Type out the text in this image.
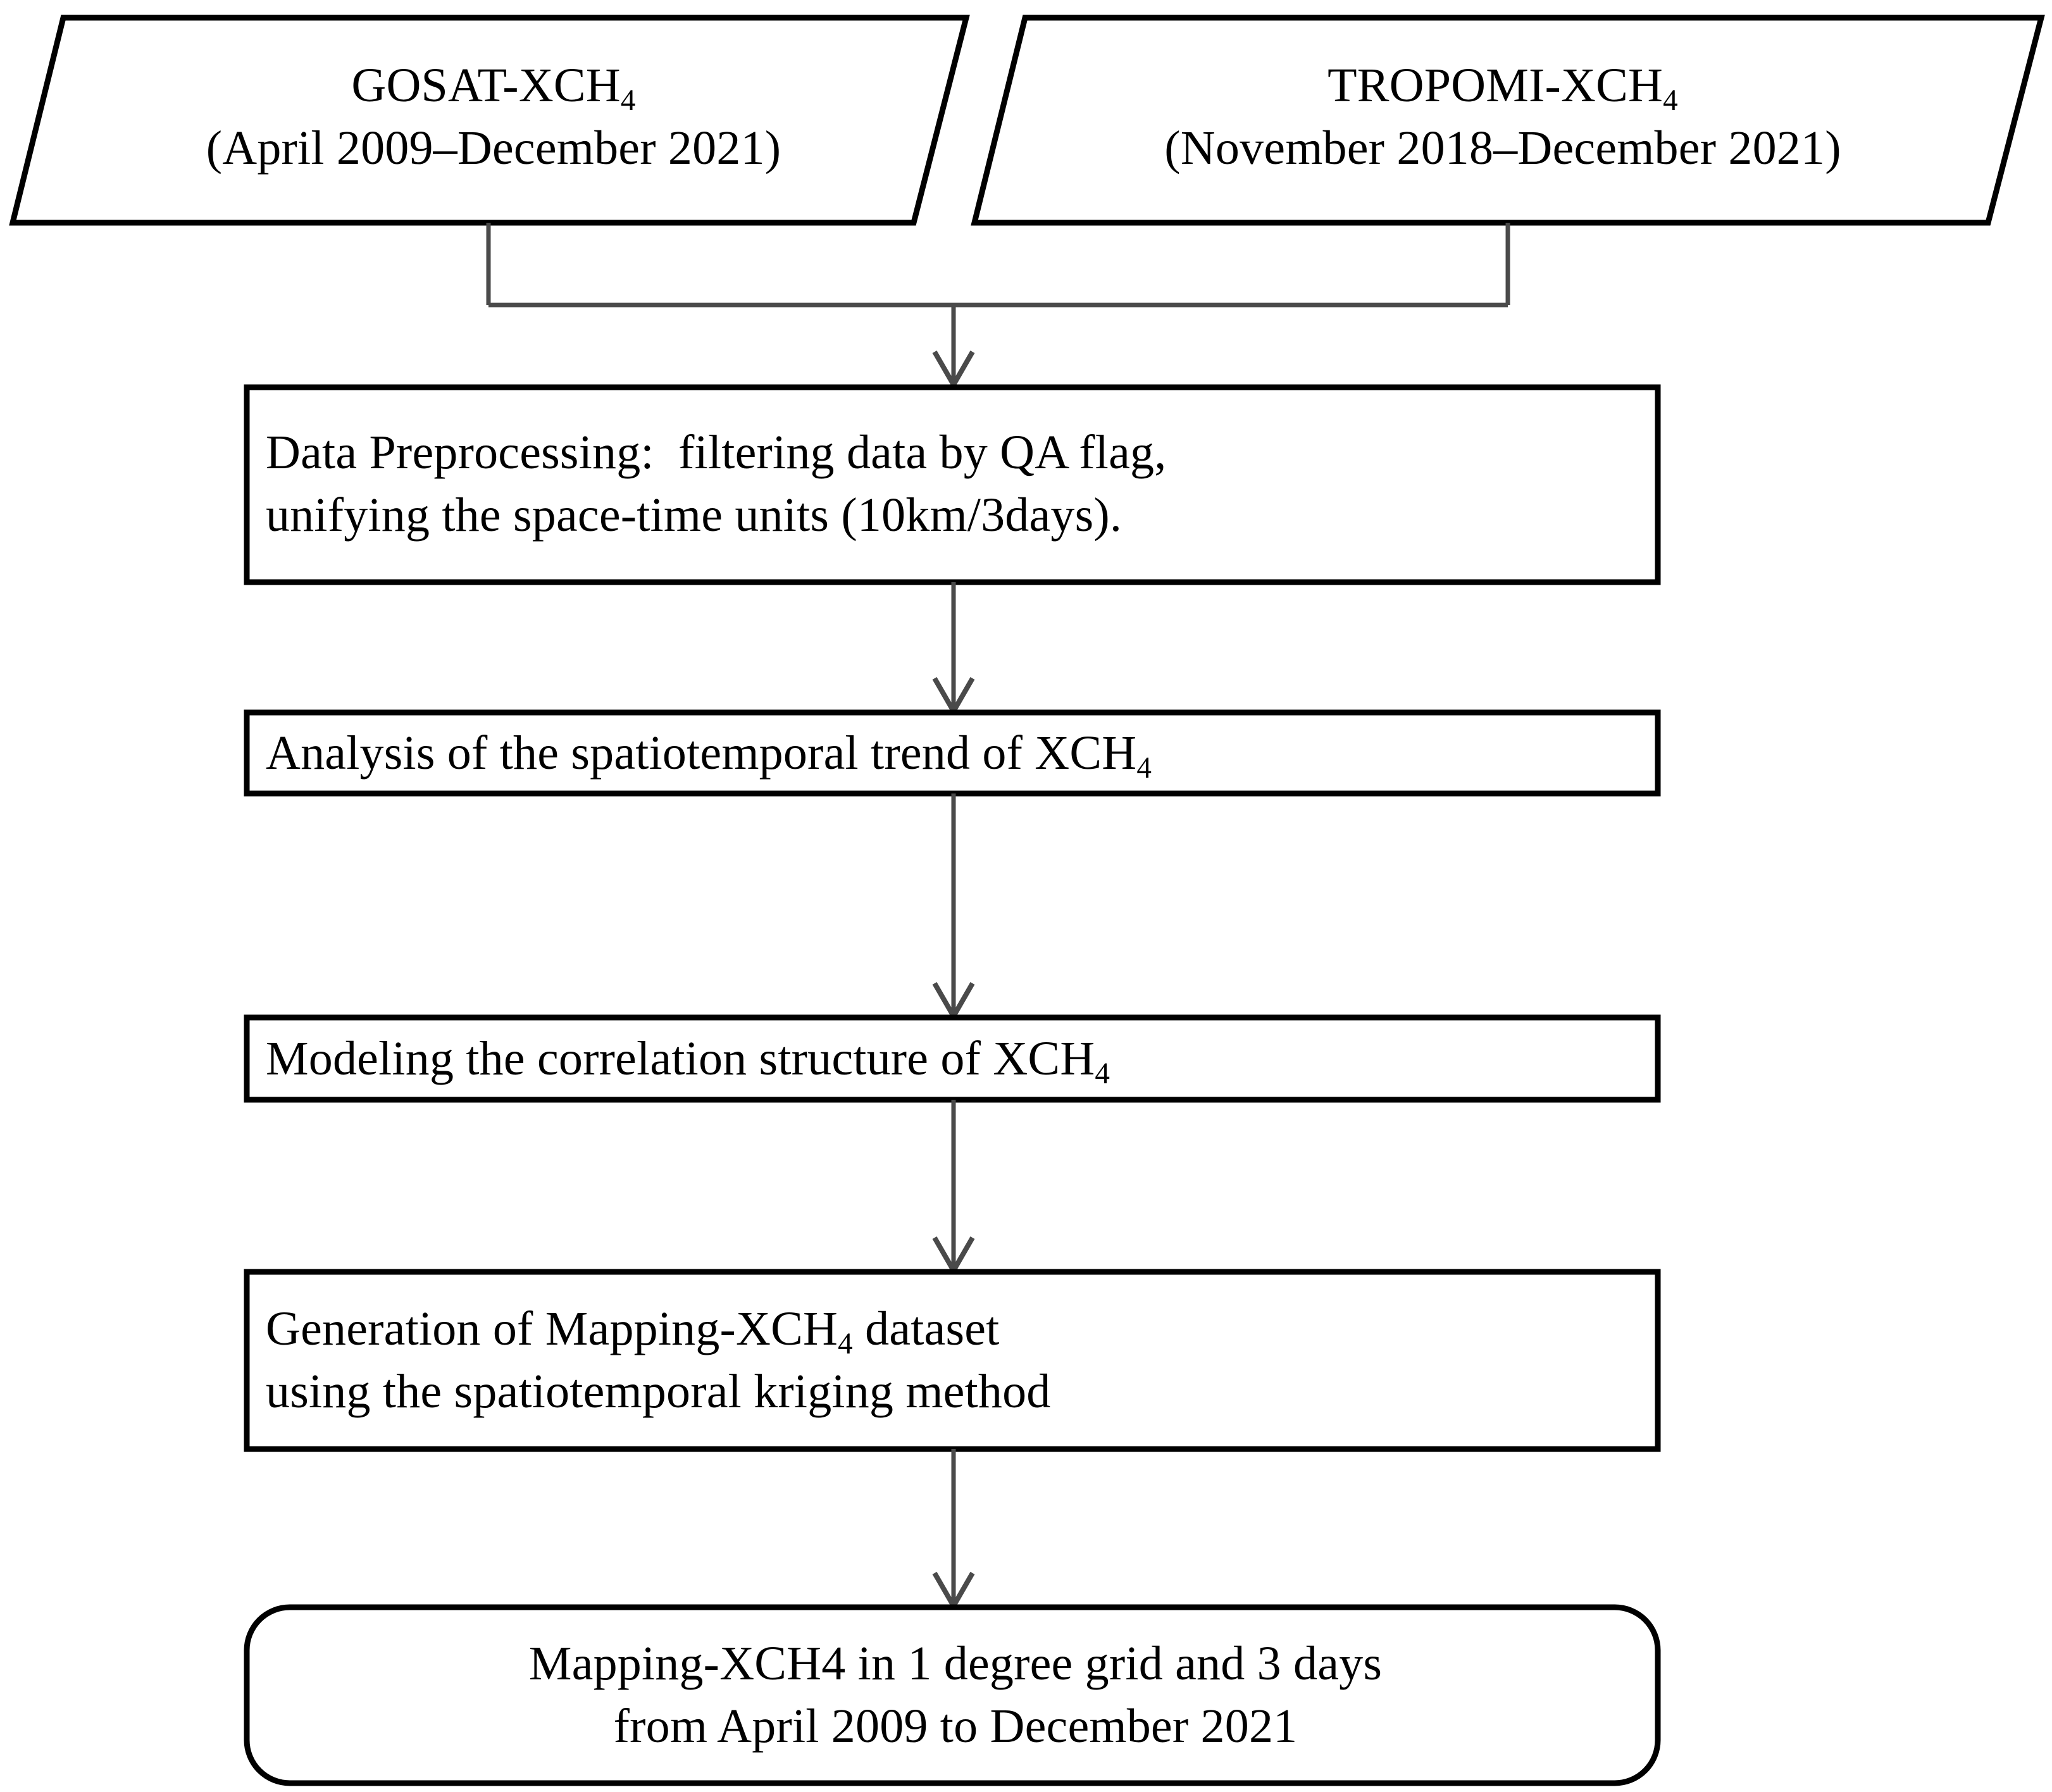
GOSAT-$XCH_4$
(April 2009–December 2021)
TROPOMI-$XCH_4$
(November 2018–December 2021)
Data Preprocessing:  filtering data by QA flag,
unifying the space-time units (10km/3days).
Analysis of the spatiotemporal trend of $XCH_4$
Modeling the correlation structure of $XCH_4$
Generation of Mapping-$XCH_4$ dataset
using the spatiotemporal kriging method
Mapping-XCH4 in 1 degree grid and 3 days
from April 2009 to December 2021
